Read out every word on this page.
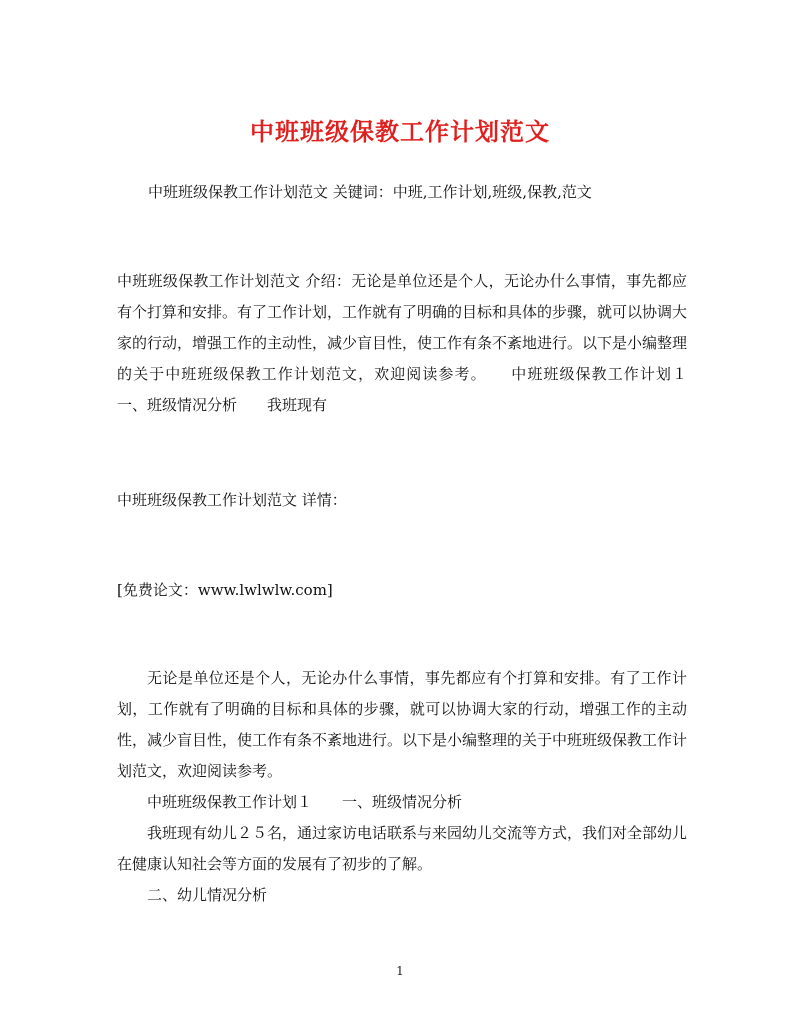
中班班级保教工作计划范文

中班班级保教工作计划范文 关键词：中班,工作计划,班级,保教,范文

中班班级保教工作计划范文 介绍：无论是单位还是个人，无论办什么事情，事先都应有个打算和安排。有了工作计划，工作就有了明确的目标和具体的步骤，就可以协调大家的行动，增强工作的主动性，减少盲目性，使工作有条不紊地进行。以下是小编整理的关于中班班级保教工作计划范文，欢迎阅读参考。　　中班班级保教工作计划１　　一、班级情况分析　　我班现有

中班班级保教工作计划范文 详情：

[免费论文：www.lwlwlw.com]

无论是单位还是个人，无论办什么事情，事先都应有个打算和安排。有了工作计划，工作就有了明确的目标和具体的步骤，就可以协调大家的行动，增强工作的主动性，减少盲目性，使工作有条不紊地进行。以下是小编整理的关于中班班级保教工作计划范文，欢迎阅读参考。

中班班级保教工作计划１　　一、班级情况分析

我班现有幼儿２５名，通过家访电话联系与来园幼儿交流等方式，我们对全部幼儿在健康认知社会等方面的发展有了初步的了解。

二、幼儿情况分析

1
